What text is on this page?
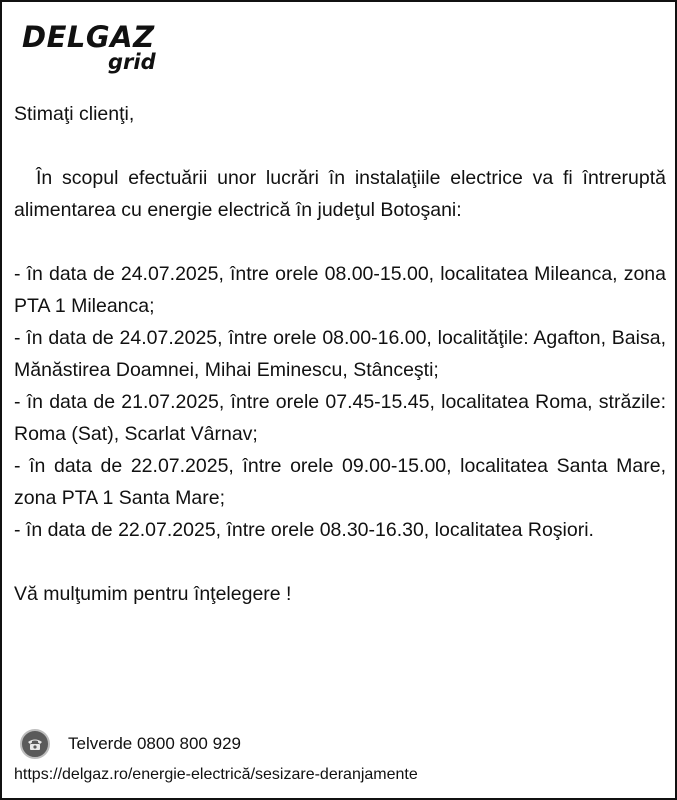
DELGAZ
grid

Stimaţi clienţi,

În scopul efectuării unor lucrări în instalaţiile electrice va fi întreruptă alimentarea cu energie electrică în judeţul Botoşani:

- în data de 24.07.2025, între orele 08.00-15.00, localitatea Mileanca, zona PTA 1 Mileanca;

- în data de 24.07.2025, între orele 08.00-16.00, localităţile: Agafton, Baisa, Mănăstirea Doamnei, Mihai Eminescu, Stânceşti;

- în data de 21.07.2025, între orele 07.45-15.45, localitatea Roma, străzile: Roma (Sat), Scarlat Vârnav;

- în data de 22.07.2025, între orele 09.00-15.00, localitatea Santa Mare, zona PTA 1 Santa Mare;

- în data de 22.07.2025, între orele 08.30-16.30, localitatea Roşiori.

Vă mulţumim pentru înţelegere !

Telverde 0800 800 929
https://delgaz.ro/energie-electrică/sesizare-deranjamente
